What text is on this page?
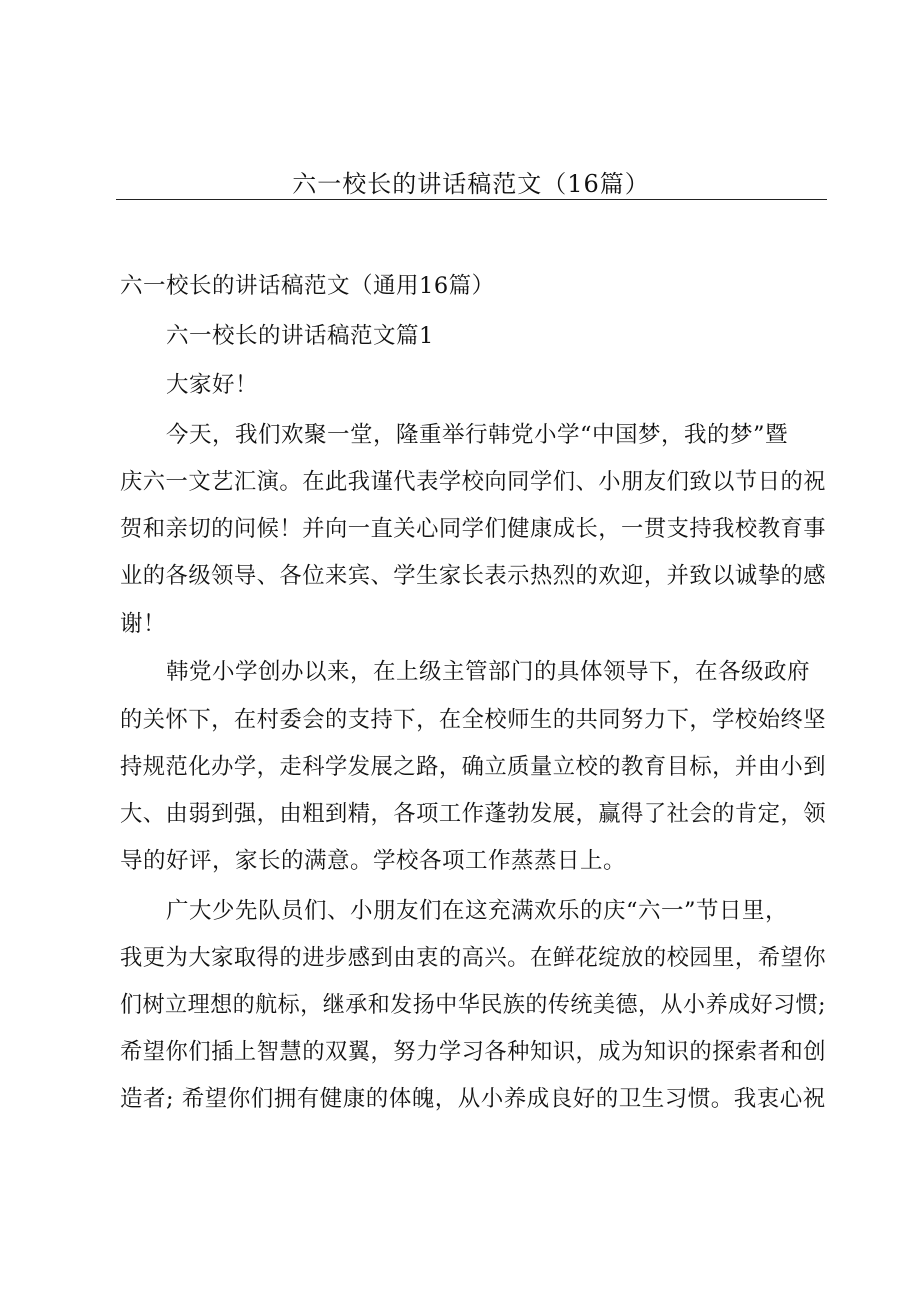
六一校长的讲话稿范文（16篇）
六一校长的讲话稿范文（通用16篇）
六一校长的讲话稿范文篇1
大家好！
今天，我们欢聚一堂，隆重举行韩党小学“中国梦，我的梦”暨
庆六一文艺汇演。在此我谨代表学校向同学们、小朋友们致以节日的祝
贺和亲切的问候！并向一直关心同学们健康成长，一贯支持我校教育事
业的各级领导、各位来宾、学生家长表示热烈的欢迎，并致以诚挚的感
谢！
韩党小学创办以来，在上级主管部门的具体领导下，在各级政府
的关怀下，在村委会的支持下，在全校师生的共同努力下，学校始终坚
持规范化办学，走科学发展之路，确立质量立校的教育目标，并由小到
大、由弱到强，由粗到精，各项工作蓬勃发展，赢得了社会的肯定，领
导的好评，家长的满意。学校各项工作蒸蒸日上。
广大少先队员们、小朋友们在这充满欢乐的庆“六一”节日里，
我更为大家取得的进步感到由衷的高兴。在鲜花绽放的校园里，希望你
们树立理想的航标，继承和发扬中华民族的传统美德，从小养成好习惯;
希望你们插上智慧的双翼，努力学习各种知识，成为知识的探索者和创
造者; 希望你们拥有健康的体魄，从小养成良好的卫生习惯。我衷心祝
